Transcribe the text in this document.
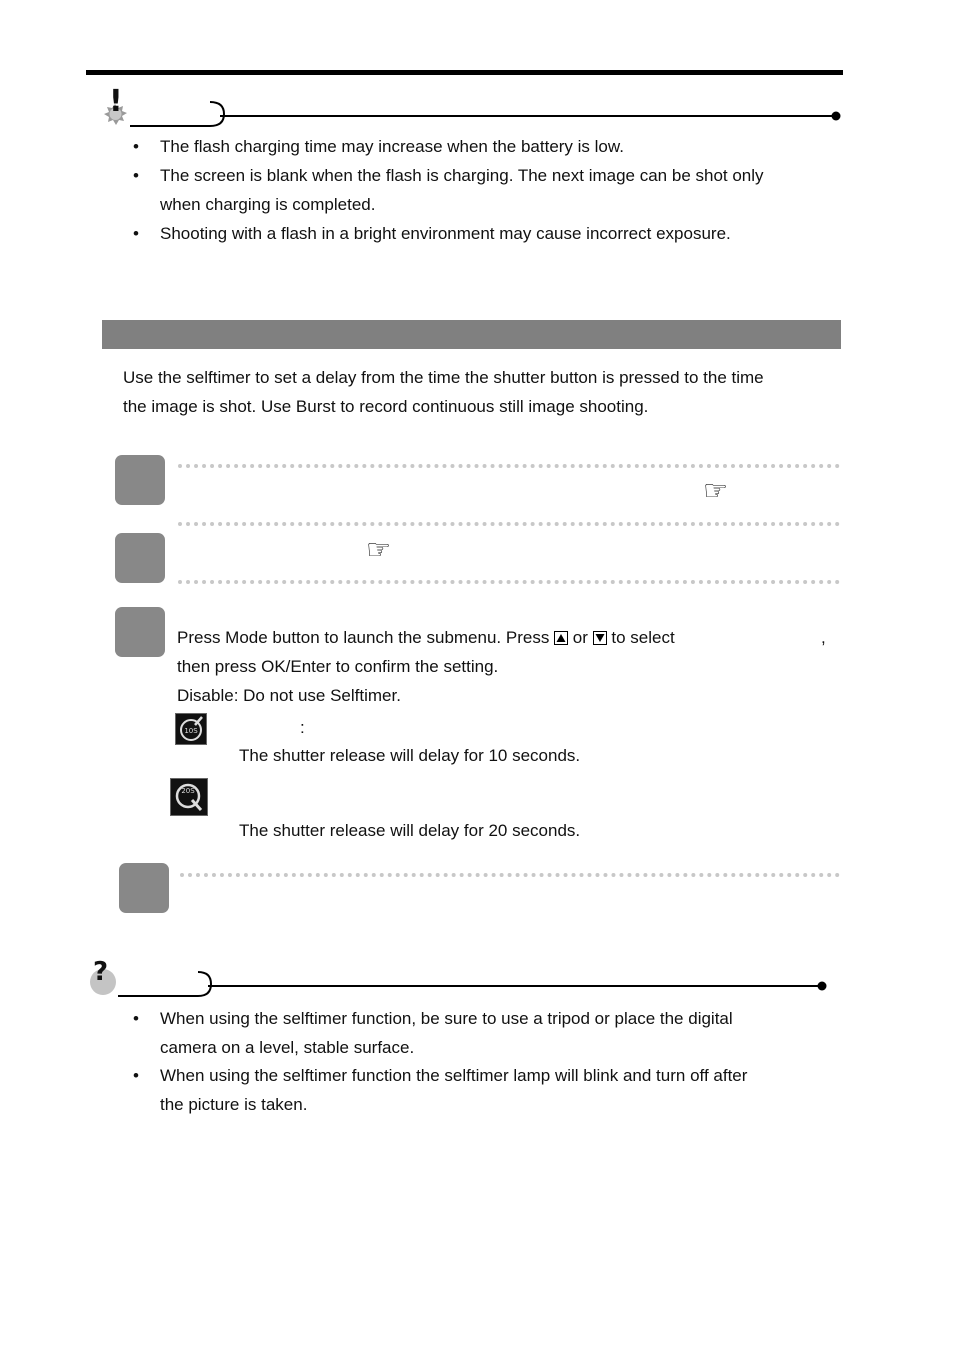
!
• The flash charging time may increase when the battery is low.
• The screen is blank when the flash is charging. The next image can be shot only
when charging is completed.
• Shooting with a flash in a bright environment may cause incorrect exposure.
Use the selftimer to set a delay from the time the shutter button is pressed to the time
the image is shot. Use Burst to record continuous still image shooting.
☞
☞
Press Mode button to launch the submenu. Press or to select	,
then press OK/Enter to confirm the setting.
Disable: Do not use Selftimer.
10S	:
The shutter release will delay for 10 seconds.
20S
The shutter release will delay for 20 seconds.
?
• When using the selftimer function, be sure to use a tripod or place the digital
camera on a level, stable surface.
• When using the selftimer function the selftimer lamp will blink and turn off after
the picture is taken.
